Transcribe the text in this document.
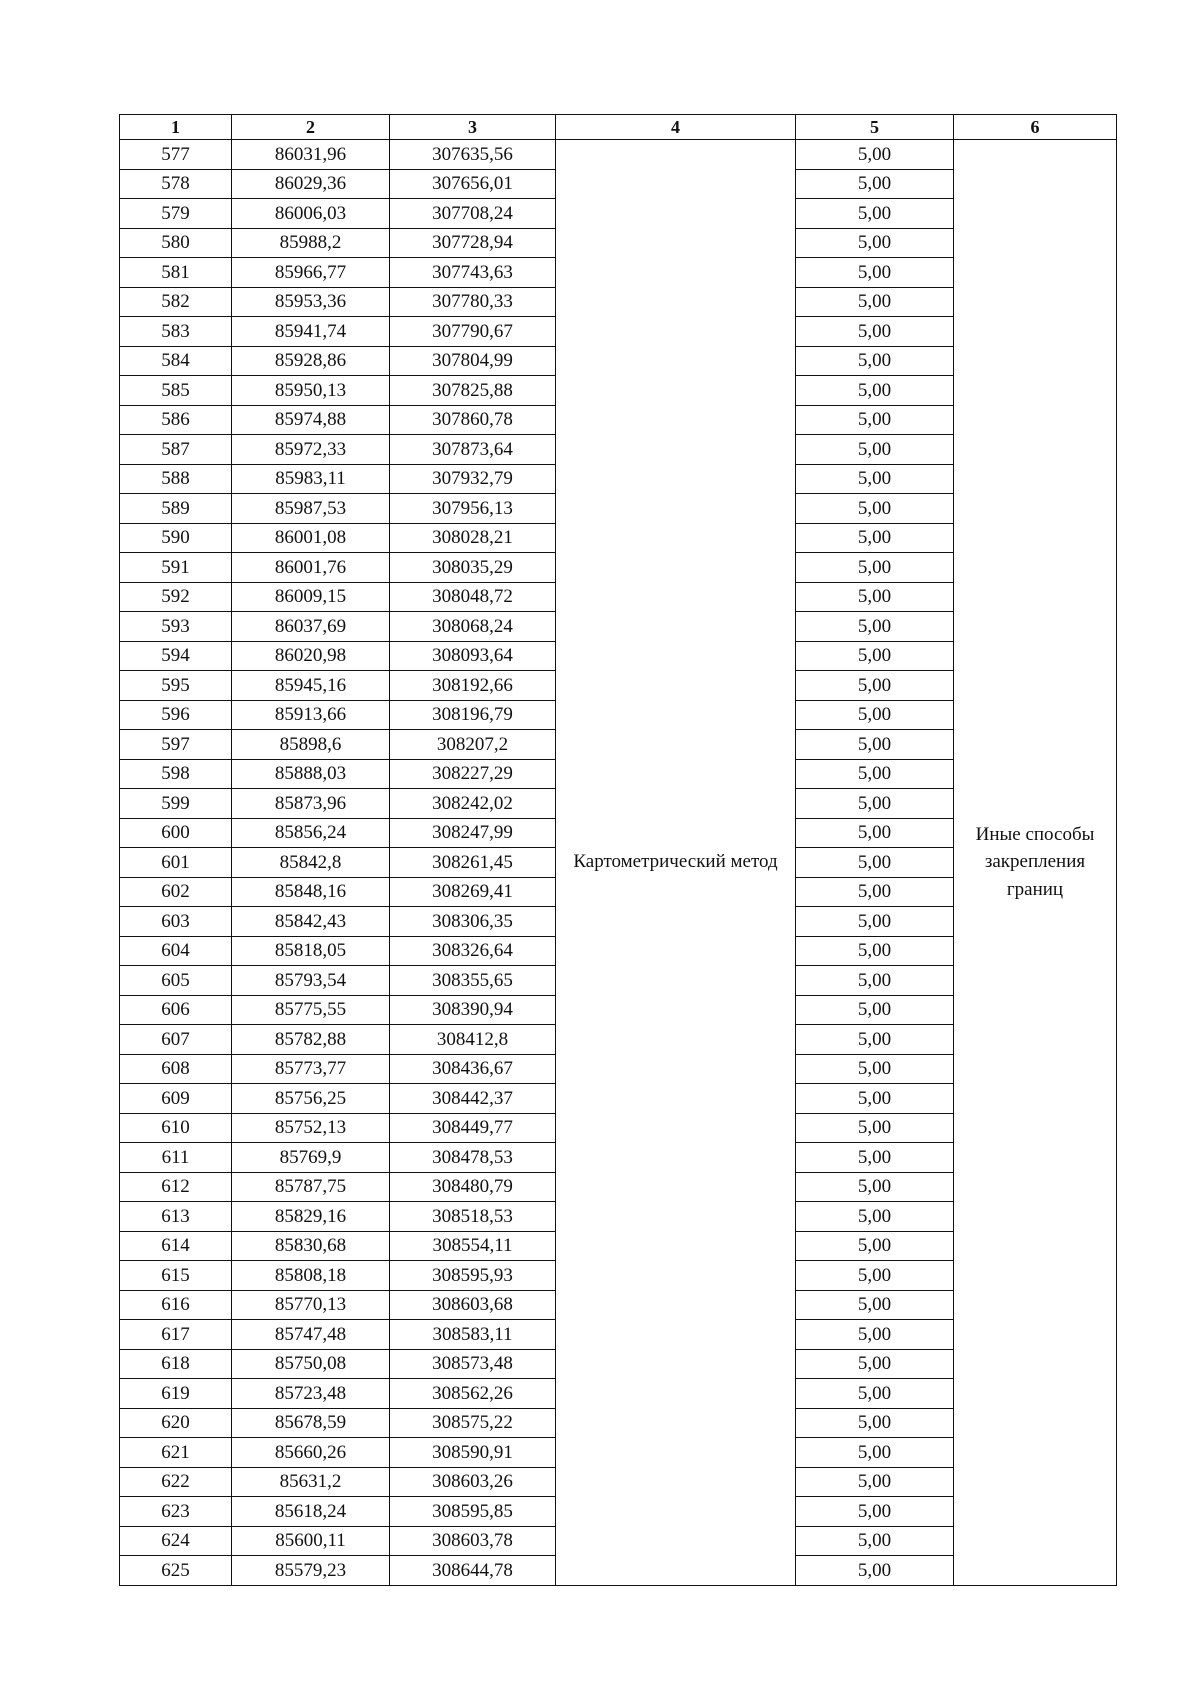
1	2	3	4	5	6
577	86031,96	307635,56	Картометрический метод	5,00	Иные способы
закрепления
границ

578	86029,36	307656,01		5,00	
579	86006,03	307708,24		5,00	
580	85988,2	307728,94		5,00	
581	85966,77	307743,63		5,00	
582	85953,36	307780,33		5,00	
583	85941,74	307790,67		5,00	
584	85928,86	307804,99		5,00	
585	85950,13	307825,88		5,00	
586	85974,88	307860,78		5,00	
587	85972,33	307873,64		5,00	
588	85983,11	307932,79		5,00	
589	85987,53	307956,13		5,00	
590	86001,08	308028,21		5,00	
591	86001,76	308035,29		5,00	
592	86009,15	308048,72		5,00	
593	86037,69	308068,24		5,00	
594	86020,98	308093,64		5,00	
595	85945,16	308192,66		5,00	
596	85913,66	308196,79		5,00	
597	85898,6	308207,2		5,00	
598	85888,03	308227,29		5,00	
599	85873,96	308242,02		5,00	
600	85856,24	308247,99		5,00	
601	85842,8	308261,45		5,00	
602	85848,16	308269,41		5,00	
603	85842,43	308306,35		5,00	
604	85818,05	308326,64		5,00	
605	85793,54	308355,65		5,00	
606	85775,55	308390,94		5,00	
607	85782,88	308412,8		5,00	
608	85773,77	308436,67		5,00	
609	85756,25	308442,37		5,00	
610	85752,13	308449,77		5,00	
611	85769,9	308478,53		5,00	
612	85787,75	308480,79		5,00	
613	85829,16	308518,53		5,00	
614	85830,68	308554,11		5,00	
615	85808,18	308595,93		5,00	
616	85770,13	308603,68		5,00	
617	85747,48	308583,11		5,00	
618	85750,08	308573,48		5,00	
619	85723,48	308562,26		5,00	
620	85678,59	308575,22		5,00	
621	85660,26	308590,91		5,00	
622	85631,2	308603,26		5,00	
623	85618,24	308595,85		5,00	
624	85600,11	308603,78		5,00	
625	85579,23	308644,78		5,00	
